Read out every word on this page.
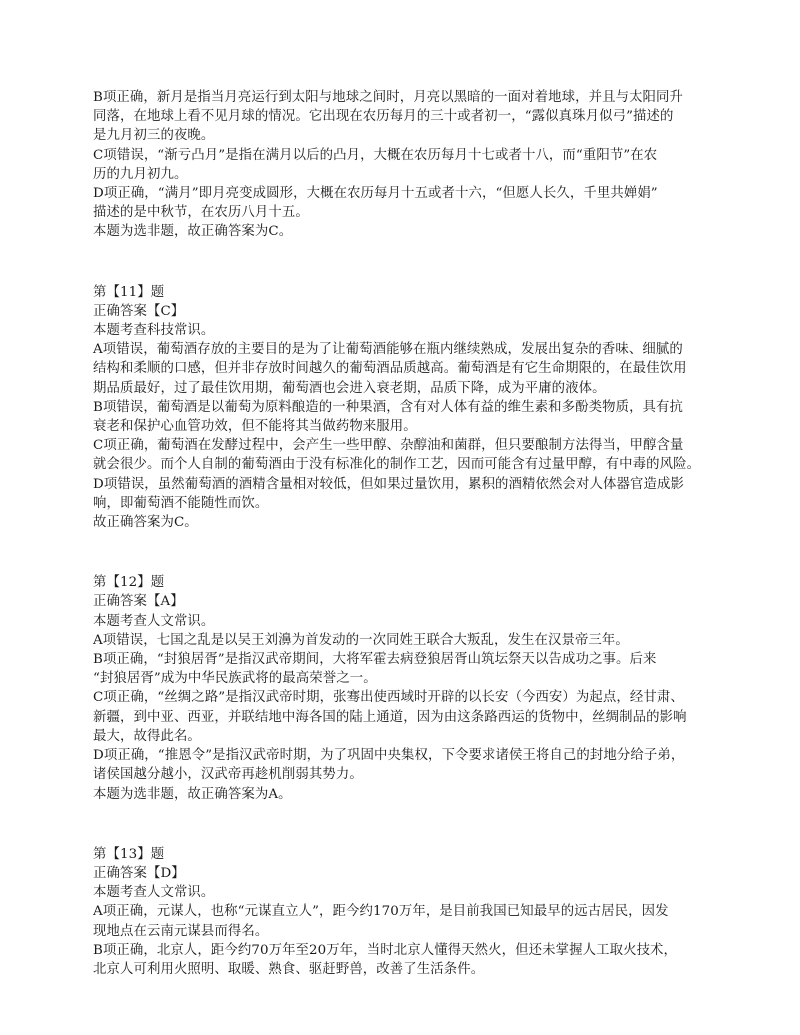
B项正确，新月是指当月亮运行到太阳与地球之间时，月亮以黑暗的一面对着地球，并且与太阳同升
同落，在地球上看不见月球的情况。它出现在农历每月的三十或者初一，“露似真珠月似弓”描述的
是九月初三的夜晚。
C项错误，“渐亏凸月”是指在满月以后的凸月，大概在农历每月十七或者十八，而“重阳节”在农
历的九月初九。
D项正确，“满月”即月亮变成圆形，大概在农历每月十五或者十六，“但愿人长久，千里共婵娟”
描述的是中秋节，在农历八月十五。
本题为选非题，故正确答案为C。
第【11】题
正确答案【C】
本题考查科技常识。
A项错误，葡萄酒存放的主要目的是为了让葡萄酒能够在瓶内继续熟成，发展出复杂的香味、细腻的
结构和柔顺的口感，但并非存放时间越久的葡萄酒品质越高。葡萄酒是有它生命期限的，在最佳饮用
期品质最好，过了最佳饮用期，葡萄酒也会进入衰老期，品质下降，成为平庸的液体。
B项错误，葡萄酒是以葡萄为原料酿造的一种果酒，含有对人体有益的维生素和多酚类物质，具有抗
衰老和保护心血管功效，但不能将其当做药物来服用。
C项正确，葡萄酒在发酵过程中，会产生一些甲醇、杂醇油和菌群，但只要酿制方法得当，甲醇含量
就会很少。而个人自制的葡萄酒由于没有标准化的制作工艺，因而可能含有过量甲醇，有中毒的风险。
D项错误，虽然葡萄酒的酒精含量相对较低，但如果过量饮用，累积的酒精依然会对人体器官造成影
响，即葡萄酒不能随性而饮。
故正确答案为C。
第【12】题
正确答案【A】
本题考查人文常识。
A项错误，七国之乱是以吴王刘濞为首发动的一次同姓王联合大叛乱，发生在汉景帝三年。
B项正确，“封狼居胥”是指汉武帝期间，大将军霍去病登狼居胥山筑坛祭天以告成功之事。后来
“封狼居胥”成为中华民族武将的最高荣誉之一。
C项正确，“丝绸之路”是指汉武帝时期，张骞出使西域时开辟的以长安（今西安）为起点，经甘肃、
新疆，到中亚、西亚，并联结地中海各国的陆上通道，因为由这条路西运的货物中，丝绸制品的影响
最大，故得此名。
D项正确，“推恩令”是指汉武帝时期，为了巩固中央集权，下令要求诸侯王将自己的封地分给子弟，
诸侯国越分越小，汉武帝再趁机削弱其势力。
本题为选非题，故正确答案为A。
第【13】题
正确答案【D】
本题考查人文常识。
A项正确，元谋人，也称“元谋直立人”，距今约170万年，是目前我国已知最早的远古居民，因发
现地点在云南元谋县而得名。
B项正确，北京人，距今约70万年至20万年，当时北京人懂得天然火，但还未掌握人工取火技术，
北京人可利用火照明、取暖、熟食、驱赶野兽，改善了生活条件。
